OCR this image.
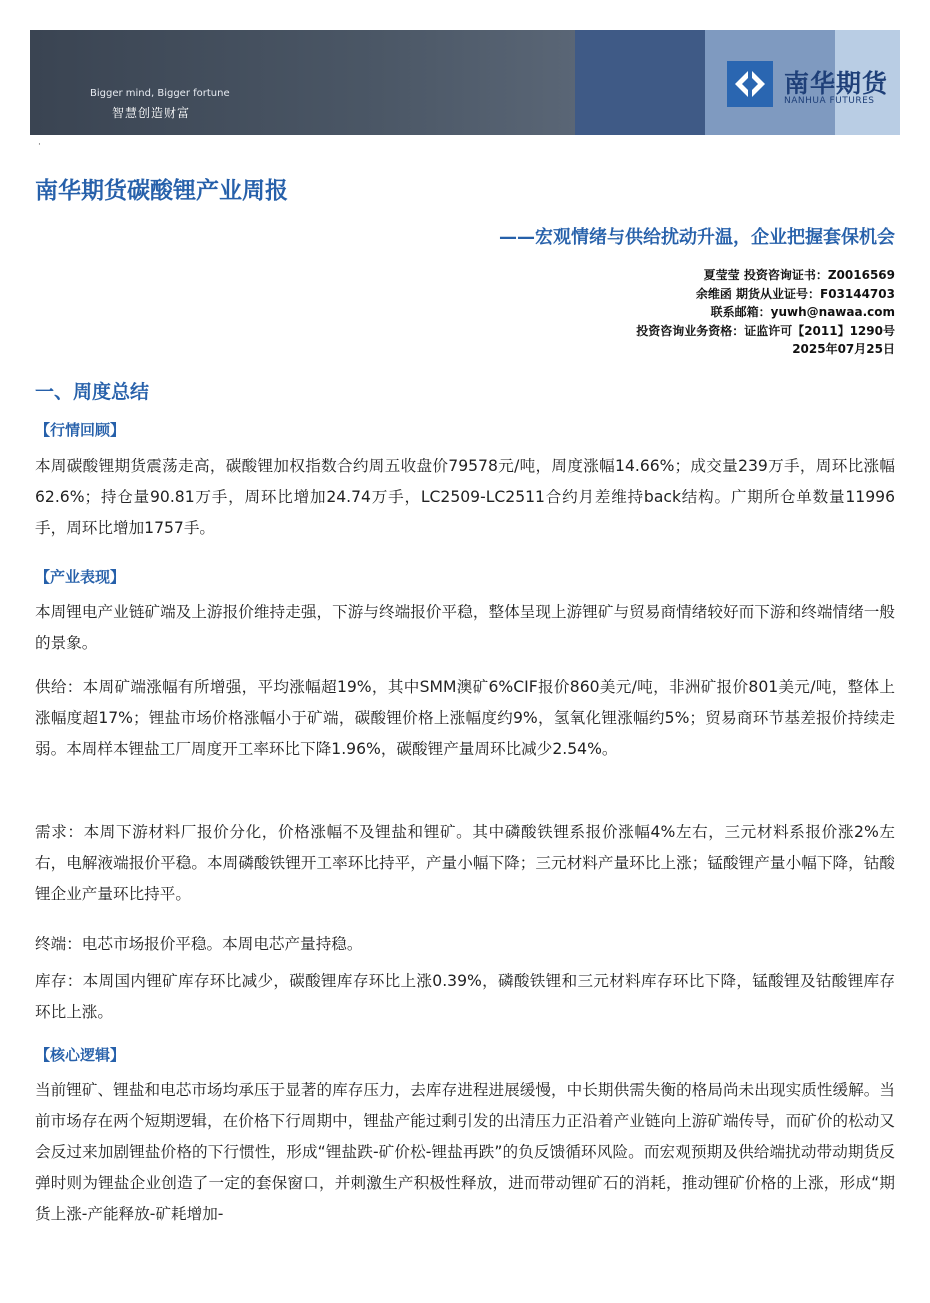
Bigger mind, Bigger fortune
智慧创造财富
南华期货
NANHUA FUTURES
·
南华期货碳酸锂产业周报
——宏观情绪与供给扰动升温，企业把握套保机会
夏莹莹 投资咨询证书：Z0016569
余维函 期货从业证号：F03144703
联系邮箱：yuwh@nawaa.com
投资咨询业务资格：证监许可【2011】1290号
2025年07月25日
一、周度总结
【行情回顾】

本周碳酸锂期货震荡走高，碳酸锂加权指数合约周五收盘价79578元/吨，周度涨幅14.66%；成交量239万手，周环比涨幅62.6%；持仓量90.81万手，周环比增加24.74万手，LC2509-LC2511合约月差维持back结构。广期所仓单数量11996手，周环比增加1757手。

【产业表现】

本周锂电产业链矿端及上游报价维持走强，下游与终端报价平稳，整体呈现上游锂矿与贸易商情绪较好而下游和终端情绪一般的景象。

供给：本周矿端涨幅有所增强，平均涨幅超19%，其中SMM澳矿6%CIF报价860美元/吨，非洲矿报价801美元/吨，整体上涨幅度超17%；锂盐市场价格涨幅小于矿端，碳酸锂价格上涨幅度约9%，氢氧化锂涨幅约5%；贸易商环节基差报价持续走弱。本周样本锂盐工厂周度开工率环比下降1.96%，碳酸锂产量周环比减少2.54%。

需求：本周下游材料厂报价分化，价格涨幅不及锂盐和锂矿。其中磷酸铁锂系报价涨幅4%左右，三元材料系报价涨2%左右，电解液端报价平稳。本周磷酸铁锂开工率环比持平，产量小幅下降；三元材料产量环比上涨；锰酸锂产量小幅下降，钴酸锂企业产量环比持平。

终端：电芯市场报价平稳。本周电芯产量持稳。

库存：本周国内锂矿库存环比减少，碳酸锂库存环比上涨0.39%，磷酸铁锂和三元材料库存环比下降，锰酸锂及钴酸锂库存环比上涨。

【核心逻辑】

当前锂矿、锂盐和电芯市场均承压于显著的库存压力，去库存进程进展缓慢，中长期供需失衡的格局尚未出现实质性缓解。当前市场存在两个短期逻辑，在价格下行周期中，锂盐产能过剩引发的出清压力正沿着产业链向上游矿端传导，而矿价的松动又会反过来加剧锂盐价格的下行惯性，形成“锂盐跌-矿价松-锂盐再跌”的负反馈循环风险。而宏观预期及供给端扰动带动期货反弹时则为锂盐企业创造了一定的套保窗口，并刺激生产积极性释放，进而带动锂矿石的消耗，推动锂矿价格的上涨，形成“期货上涨-产能释放-矿耗增加-
